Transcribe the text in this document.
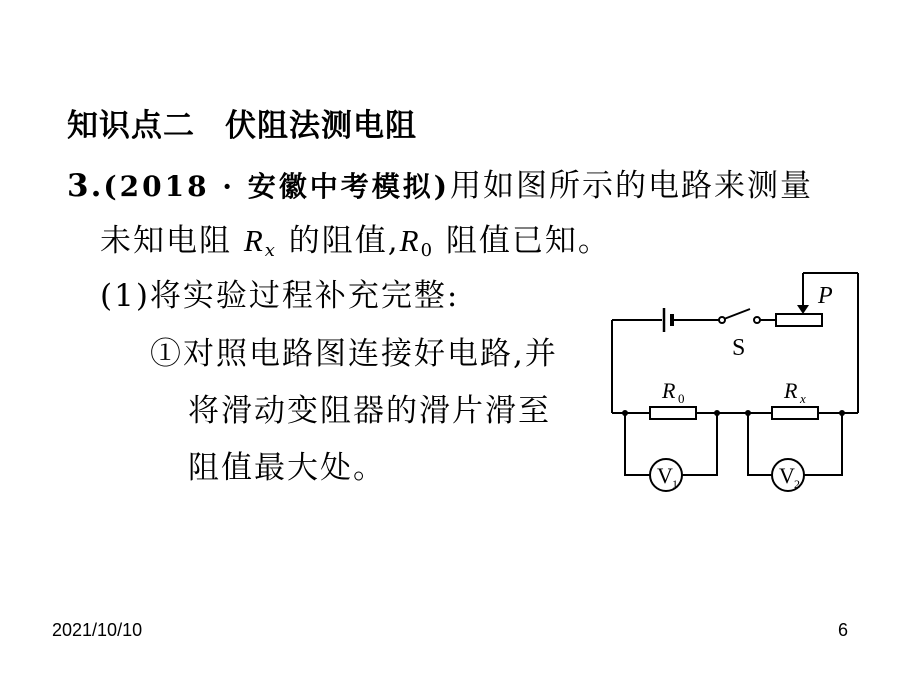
知识点二 伏阻法测电阻
3.(2018 · 安徽中考模拟)用如图所示的电路来测量
未知电阻 $R_x$ 的阻值,R0 阻值已知。
(1)将实验过程补充完整:
①对照电路图连接好电路,并
将滑动变阻器的滑片滑至
阻值最大处。
P
S
R 0	R x
V 1	V 2
2021/10/10	6
